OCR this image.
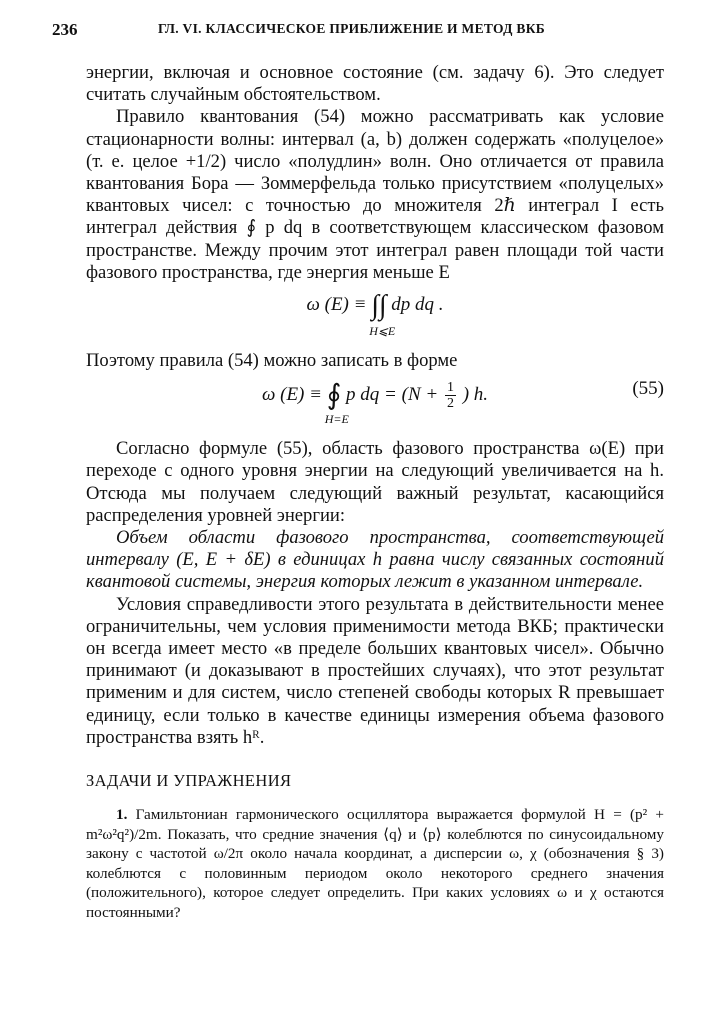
236	ГЛ. VI. КЛАССИЧЕСКОЕ ПРИБЛИЖЕНИЕ И МЕТОД ВКБ

энергии, включая и основное состояние (см. задачу 6). Это следует считать случайным обстоятельством.

Правило квантования (54) можно рассматривать как условие стационарности волны: интервал (a, b) должен содержать «полуцелое» (т. е. целое +1/2) число «полудлин» волн. Оно отличается от правила квантования Бора — Зоммерфельда только присутствием «полуцелых» квантовых чисел: с точностью до множителя 2ℏ интеграл I есть интеграл действия ∮ p dq в соответствующем классическом фазовом пространстве. Между прочим этот интеграл равен площади той части фазового пространства, где энергия меньше E

ω (E) ≡ ∫∫
H⩽E
dp dq .

Поэтому правила (54) можно записать в форме

ω (E) ≡ ∮
H=E
p dq = ($N + \frac{1}{2}$ ) h.	(55)

Согласно формуле (55), область фазового пространства ω(E) при переходе с одного уровня энергии на следующий увеличивается на h. Отсюда мы получаем следующий важный результат, касающийся распределения уровней энергии:

Объем области фазового пространства, соответствующей интервалу (E, E + δE) в единицах h равна числу связанных состояний квантовой системы, энергия которых лежит в указанном интервале.

Условия справедливости этого результата в действительности менее ограничительны, чем условия применимости метода ВКБ; практически он всегда имеет место «в пределе больших квантовых чисел». Обычно принимают (и доказывают в простейших случаях), что этот результат применим и для систем, число степеней свободы которых R превышает единицу, если только в качестве единицы измерения объема фазового пространства взять hᴿ.

ЗАДАЧИ И УПРАЖНЕНИЯ

1. Гамильтониан гармонического осциллятора выражается формулой H = (p² + m²ω²q²)/2m. Показать, что средние значения ⟨q⟩ и ⟨p⟩ колеблются по синусоидальному закону с частотой ω/2π около начала координат, а дисперсии ω, χ (обозначения § 3) колеблются с половинным периодом около некоторого среднего значения (положительного), которое следует определить. При каких условиях ω и χ остаются постоянными?
